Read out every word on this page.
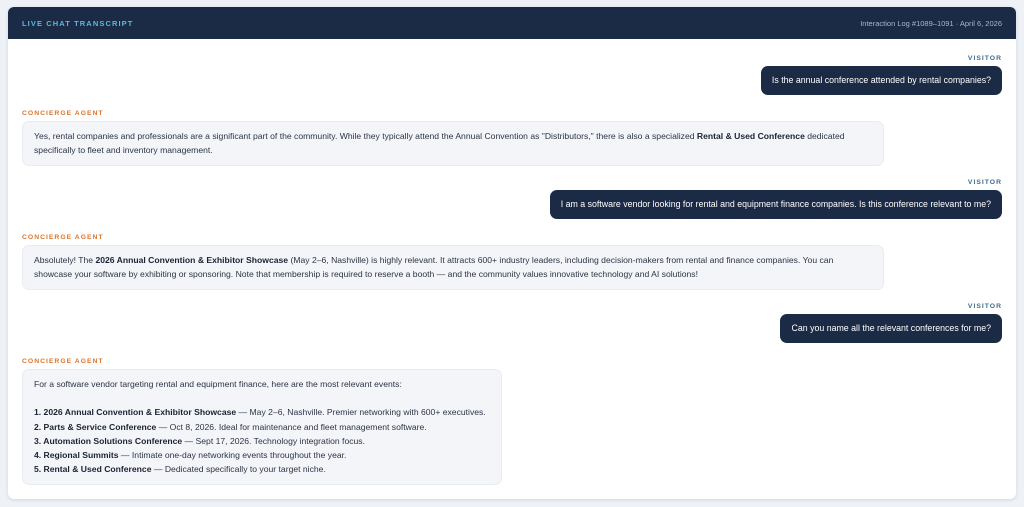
LIVE CHAT TRANSCRIPT	Interaction Log #1089–1091 · April 6, 2026
VISITOR
Is the annual conference attended by rental companies?
CONCIERGE AGENT
Yes, rental companies and professionals are a significant part of the community. While they typically attend the Annual Convention as "Distributors," there is also a specialized Rental & Used Conference dedicated specifically to fleet and inventory management.
VISITOR
I am a software vendor looking for rental and equipment finance companies. Is this conference relevant to me?
CONCIERGE AGENT
Absolutely! The 2026 Annual Convention & Exhibitor Showcase (May 2–6, Nashville) is highly relevant. It attracts 600+ industry leaders, including decision-makers from rental and finance companies. You can showcase your software by exhibiting or sponsoring. Note that membership is required to reserve a booth — and the community values innovative technology and AI solutions!
VISITOR
Can you name all the relevant conferences for me?
CONCIERGE AGENT
For a software vendor targeting rental and equipment finance, here are the most relevant events:
1. 2026 Annual Convention & Exhibitor Showcase — May 2–6, Nashville. Premier networking with 600+ executives.
2. Parts & Service Conference — Oct 8, 2026. Ideal for maintenance and fleet management software.
3. Automation Solutions Conference — Sept 17, 2026. Technology integration focus.
4. Regional Summits — Intimate one-day networking events throughout the year.
5. Rental & Used Conference — Dedicated specifically to your target niche.
